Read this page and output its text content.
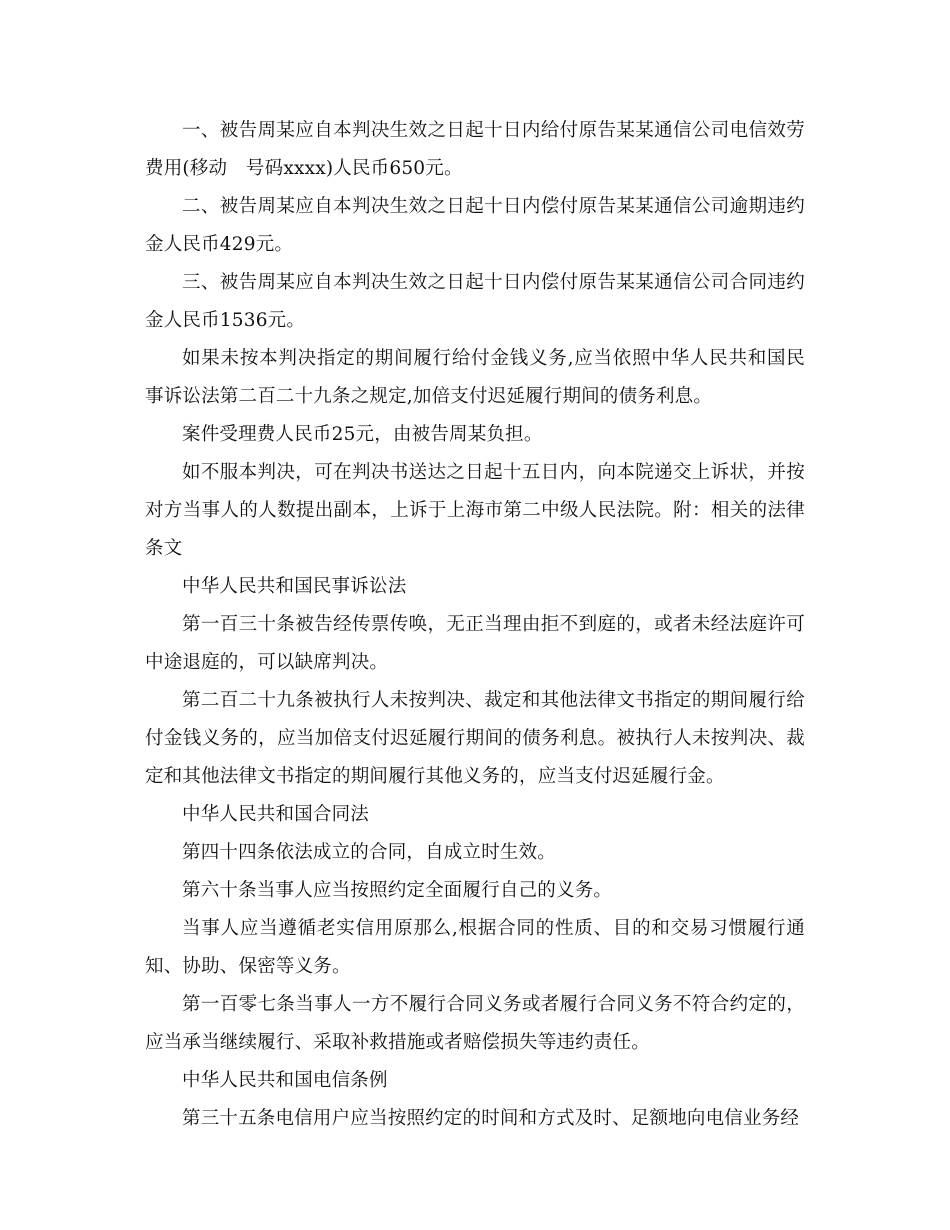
一、被告周某应自本判决生效之日起十日内给付原告某某通信公司电信效劳费用(移动　号码xxxx)人民币650元。

二、被告周某应自本判决生效之日起十日内偿付原告某某通信公司逾期违约金人民币429元。

三、被告周某应自本判决生效之日起十日内偿付原告某某通信公司合同违约金人民币1536元。

如果未按本判决指定的期间履行给付金钱义务,应当依照中华人民共和国民事诉讼法第二百二十九条之规定,加倍支付迟延履行期间的债务利息。

案件受理费人民币25元，由被告周某负担。

如不服本判决，可在判决书送达之日起十五日内，向本院递交上诉状，并按对方当事人的人数提出副本，上诉于上海市第二中级人民法院。附：相关的法律条文

中华人民共和国民事诉讼法

第一百三十条被告经传票传唤，无正当理由拒不到庭的，或者未经法庭许可中途退庭的，可以缺席判决。

第二百二十九条被执行人未按判决、裁定和其他法律文书指定的期间履行给付金钱义务的，应当加倍支付迟延履行期间的债务利息。被执行人未按判决、裁定和其他法律文书指定的期间履行其他义务的，应当支付迟延履行金。

中华人民共和国合同法

第四十四条依法成立的合同，自成立时生效。

第六十条当事人应当按照约定全面履行自己的义务。

当事人应当遵循老实信用原那么,根据合同的性质、目的和交易习惯履行通知、协助、保密等义务。

第一百零七条当事人一方不履行合同义务或者履行合同义务不符合约定的，应当承当继续履行、采取补救措施或者赔偿损失等违约责任。

中华人民共和国电信条例

第三十五条电信用户应当按照约定的时间和方式及时、足额地向电信业务经
